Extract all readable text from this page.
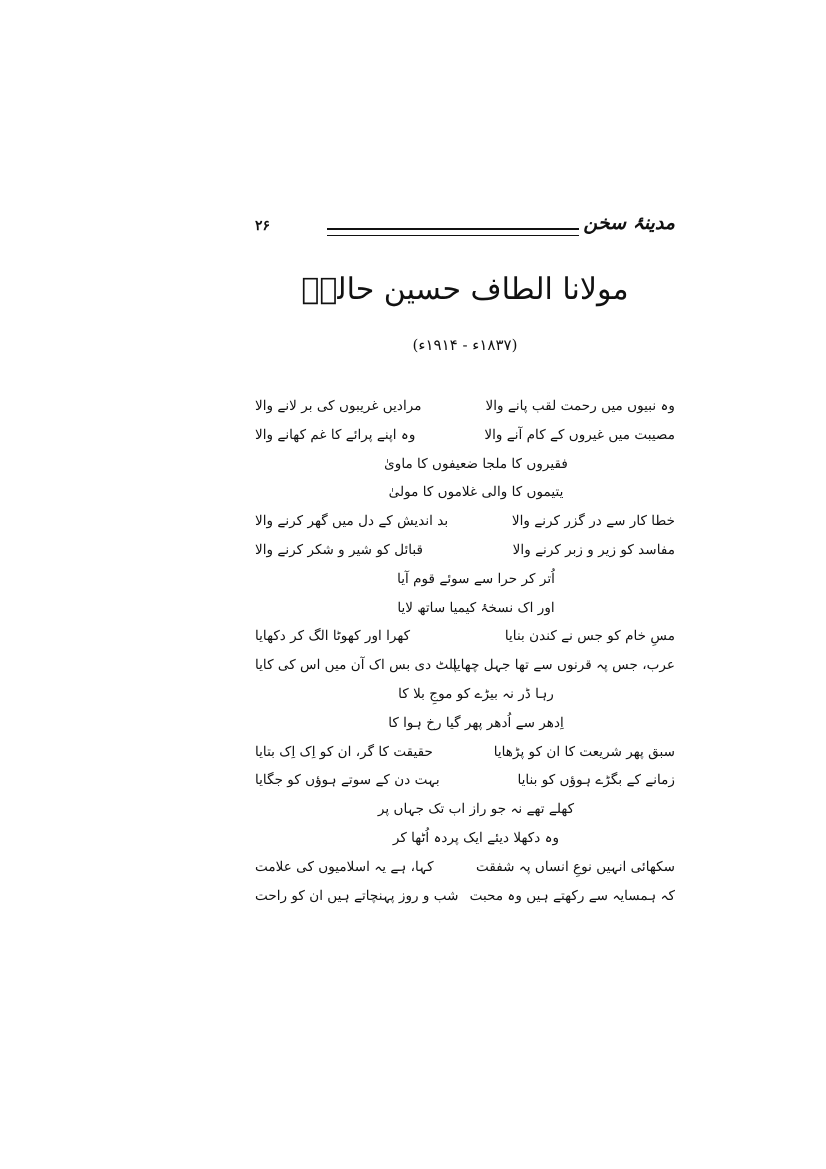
۲۶	مدینۂ سخن
مولانا الطاف حسین حالیؔ
(۱۸۳۷ء - ۱۹۱۴ء)
وہ نبیوں میں رحمت لقب پانے والا
مرادیں غریبوں کی بر لانے والا
مصیبت میں غیروں کے کام آنے والا
وہ اپنے پرائے کا غم کھانے والا
فقیروں کا ملجا ضعیفوں کا ماویٰ
یتیموں کا والی غلاموں کا مولیٰ
خطا کار سے در گزر کرنے والا
بد اندیش کے دل میں گھر کرنے والا
مفاسد کو زیر و زبر کرنے والا
قبائل کو شیر و شکر کرنے والا
اُتر کر حرا سے سوئے قوم آیا
اور اک نسخۂ کیمیا ساتھ لایا
مسِ خام کو جس نے کندن بنایا
کھرا اور کھوٹا الگ کر دکھایا
عرب، جس پہ قرنوں سے تھا جہل چھایا
پلٹ دی بس اک آن میں اس کی کایا
رہا ڈر نہ بیڑے کو موجِ بلا کا
اِدھر سے اُدھر پھر گیا رخ ہوا کا
سبق پھر شریعت کا ان کو پڑھایا
حقیقت کا گر، ان کو اِک اِک بتایا
زمانے کے بگڑے ہوؤں کو بنایا
بہت دن کے سوتے ہوؤں کو جگایا
کھلے تھے نہ جو راز اب تک جہاں پر
وہ دکھلا دیئے ایک پردہ اُٹھا کر
سکھائی انہیں نوعِ انساں پہ شفقت
کہا، ہے یہ اسلامیوں کی علامت
کہ ہمسایہ سے رکھتے ہیں وہ محبت
شب و روز پہنچاتے ہیں ان کو راحت
